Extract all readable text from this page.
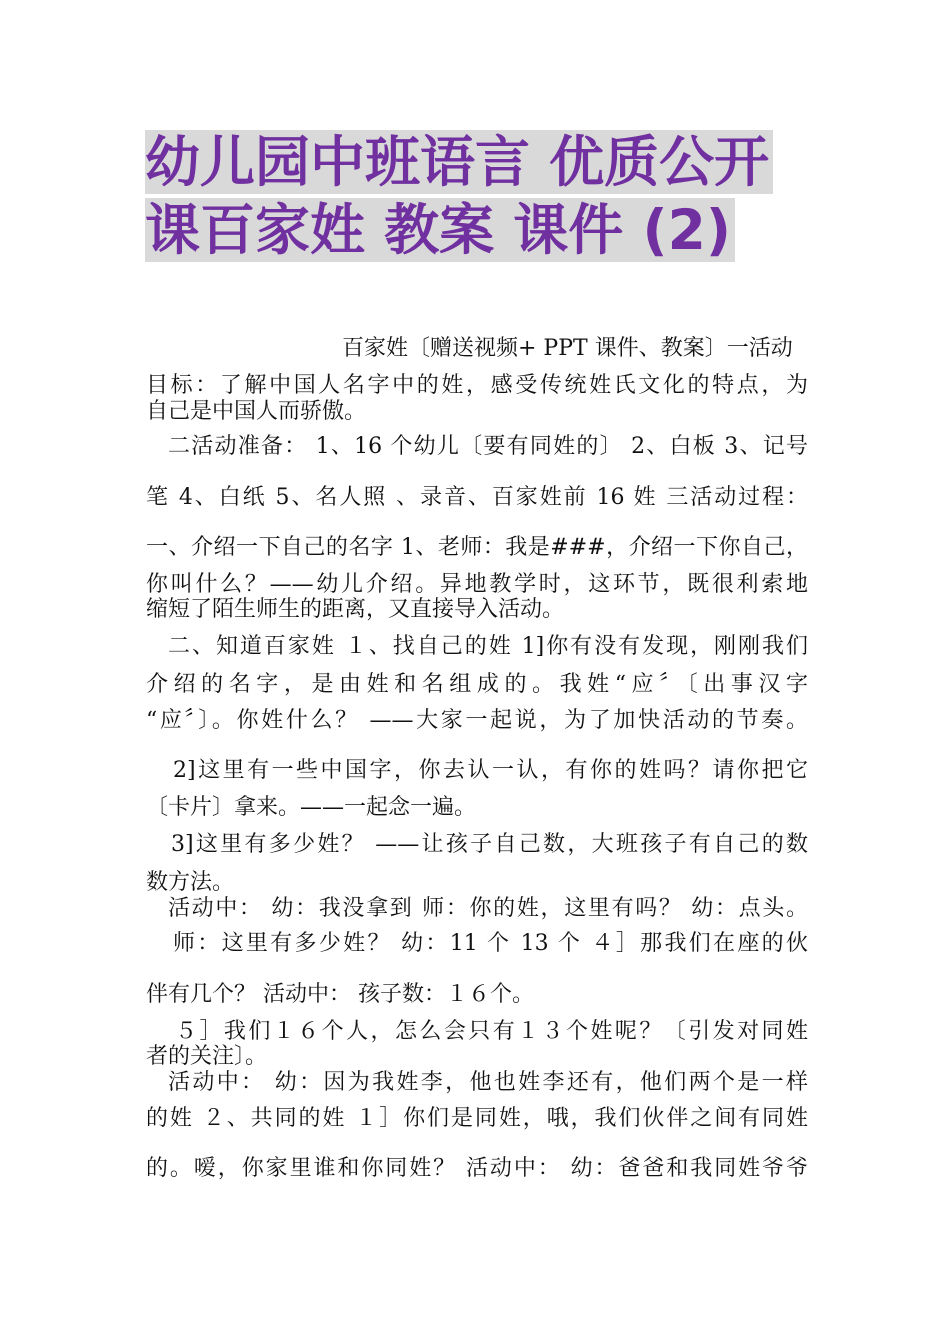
幼儿园中班语言 优质公开
课百家姓 教案 课件 (2)
百家姓〔赠送视频+ PPT 课件、教案〕一活动
目标：了解中国人名字中的姓，感受传统姓氏文化的特点，为
自己是中国人而骄傲。
二活动准备： 1、16 个幼儿〔要有同姓的〕 2、白板 3、记号
笔 4、白纸 5、名人照 、录音、百家姓前 16 姓 三活动过程：
一、介绍一下自己的名字 1、老师：我是###，介绍一下你自己，
你叫什么？——幼儿介绍。异地教学时，这环节，既很利索地
缩短了陌生师生的距离，又直接导入活动。
二、知道百家姓 １、找自己的姓 1]你有没有发现，刚刚我们
介绍的名字，是由姓和名组成的。我姓“应〞〔出事汉字
“应〞〕。你姓什么？ ——大家一起说，为了加快活动的节奏。
2]这里有一些中国字，你去认一认，有你的姓吗？请你把它
〔卡片〕拿来。——一起念一遍。
3]这里有多少姓？ ——让孩子自己数，大班孩子有自己的数
数方法。
活动中： 幼：我没拿到 师：你的姓，这里有吗？ 幼：点头。
师：这里有多少姓？ 幼：11 个 13 个 ４］那我们在座的伙
伴有几个？ 活动中： 孩子数：１６个。
５］我们１６个人，怎么会只有１３个姓呢？〔引发对同姓
者的关注〕。
活动中： 幼：因为我姓李，他也姓李还有，他们两个是一样
的姓 ２、共同的姓 １］你们是同姓，哦，我们伙伴之间有同姓
的。嗳，你家里谁和你同姓？ 活动中： 幼：爸爸和我同姓爷爷
